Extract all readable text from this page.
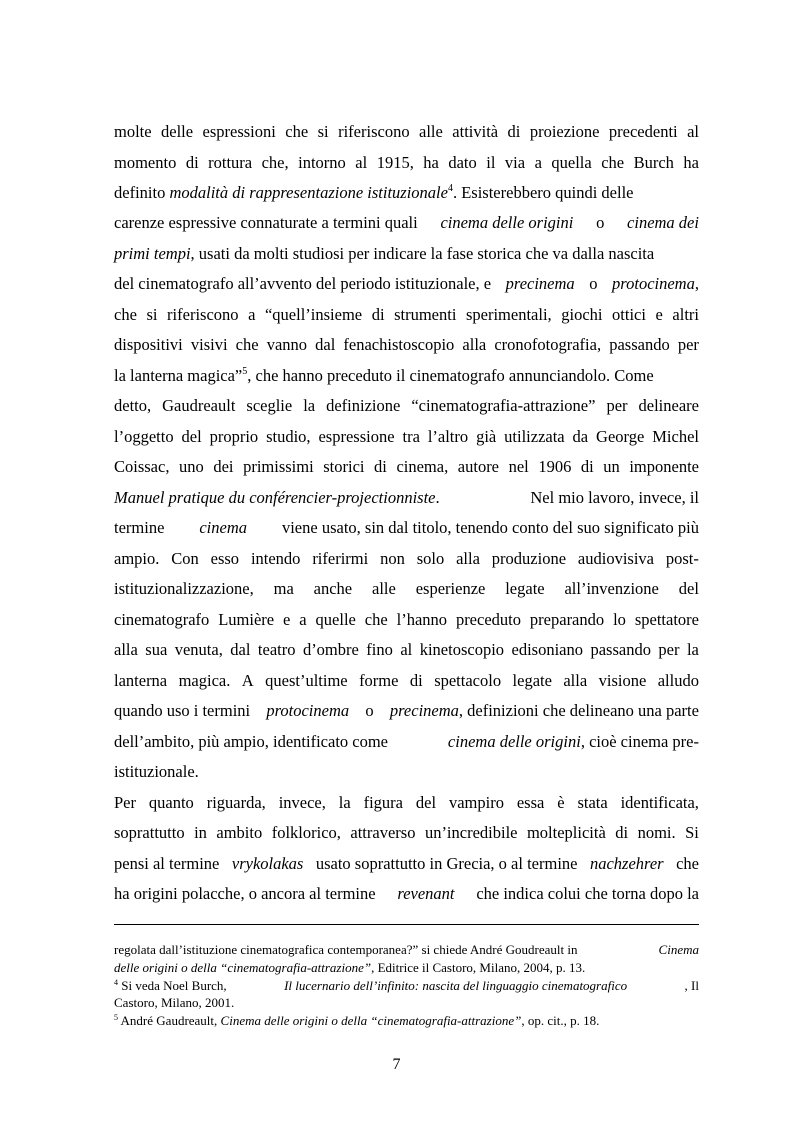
molte delle espressioni che si riferiscono alle attività di proiezione precedenti al
momento di rottura che, intorno al 1915, ha dato il via a quella che Burch ha
definito modalità di rappresentazione istituzionale$^4$. Esisterebbero quindi delle
carenze espressive connaturate a termini quali cinema delle origini o cinema dei
primi tempi, usati da molti studiosi per indicare la fase storica che va dalla nascita
del cinematografo all’avvento del periodo istituzionale, e precinema o protocinema,
che si riferiscono a “quell’insieme di strumenti sperimentali, giochi ottici e altri
dispositivi visivi che vanno dal fenachistoscopio alla cronofotografia, passando per
la lanterna magica”$^5$, che hanno preceduto il cinematografo annunciandolo. Come
detto, Gaudreault sceglie la definizione “cinematografia-attrazione” per delineare
l’oggetto del proprio studio, espressione tra l’altro già utilizzata da George Michel
Coissac, uno dei primissimi storici di cinema, autore nel 1906 di un imponente
Manuel pratique du conférencier-projectionniste.	Nel mio lavoro, invece, il
termine cinema viene usato, sin dal titolo, tenendo conto del suo significato più
ampio. Con esso intendo riferirmi non solo alla produzione audiovisiva post-
istituzionalizzazione, ma anche alle esperienze legate all’invenzione del
cinematografo Lumière e a quelle che l’hanno preceduto preparando lo spettatore
alla sua venuta, dal teatro d’ombre fino al kinetoscopio edisoniano passando per la
lanterna magica. A quest’ultime forme di spettacolo legate alla visione alludo
quando uso i termini protocinema o precinema, definizioni che delineano una parte
dell’ambito, più ampio, identificato come	cinema delle origini, cioè cinema pre-
istituzionale.
Per quanto riguarda, invece, la figura del vampiro essa è stata identificata,
soprattutto in ambito folklorico, attraverso un’incredibile molteplicità di nomi. Si
pensi al termine vrykolakas usato soprattutto in Grecia, o al termine nachzehrer che
ha origini polacche, o ancora al termine revenant che indica colui che torna dopo la
regolata dall’istituzione cinematografica contemporanea?” si chiede André Goudreault in	Cinema
delle origini o della “cinematografia-attrazione”, Editrice il Castoro, Milano, 2004, p. 13.
$^4$ Si veda Noel Burch,	Il lucernario dell’infinito: nascita del linguaggio cinematografico	, Il
Castoro, Milano, 2001.
$^5$ André Gaudreault, Cinema delle origini o della “cinematografia-attrazione”, op. cit., p. 18.
7
